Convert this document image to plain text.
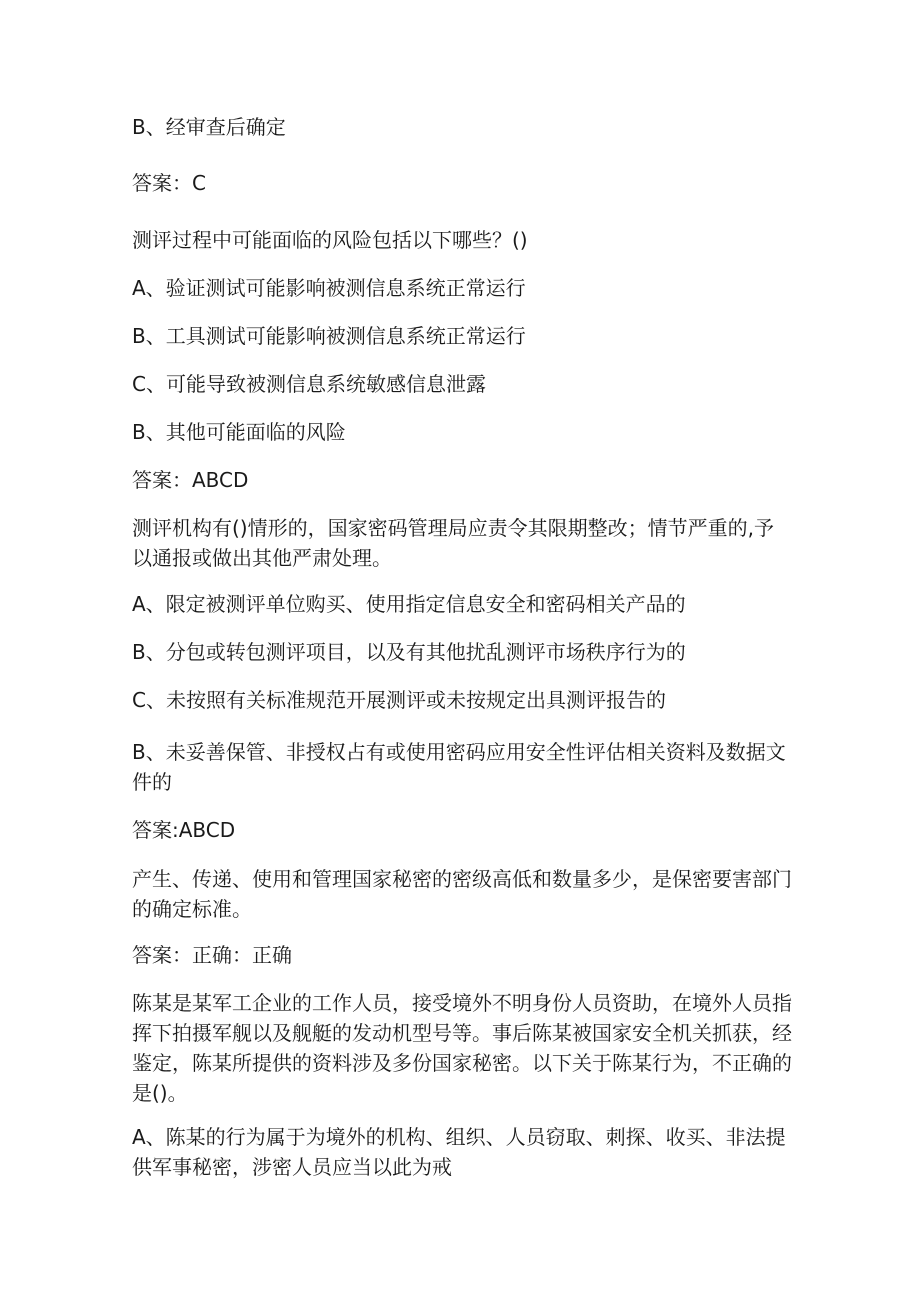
B、经审查后确定
答案：C
测评过程中可能面临的风险包括以下哪些？()
A、验证测试可能影响被测信息系统正常运行
B、工具测试可能影响被测信息系统正常运行
C、可能导致被测信息系统敏感信息泄露
B、其他可能面临的风险
答案：ABCD
测评机构有()情形的，国家密码管理局应责令其限期整改；情节严重的,予以通报或做出其他严肃处理。
A、限定被测评单位购买、使用指定信息安全和密码相关产品的
B、分包或转包测评项目，以及有其他扰乱测评市场秩序行为的
C、未按照有关标准规范开展测评或未按规定出具测评报告的
B、未妥善保管、非授权占有或使用密码应用安全性评估相关资料及数据文件的
答案:ABCD
产生、传递、使用和管理国家秘密的密级高低和数量多少，是保密要害部门的确定标准。
答案：正确：正确
陈某是某军工企业的工作人员，接受境外不明身份人员资助，在境外人员指挥下拍摄军舰以及舰艇的发动机型号等。事后陈某被国家安全机关抓获，经鉴定，陈某所提供的资料涉及多份国家秘密。以下关于陈某行为，不正确的是()。
A、陈某的行为属于为境外的机构、组织、人员窃取、刺探、收买、非法提供军事秘密，涉密人员应当以此为戒
